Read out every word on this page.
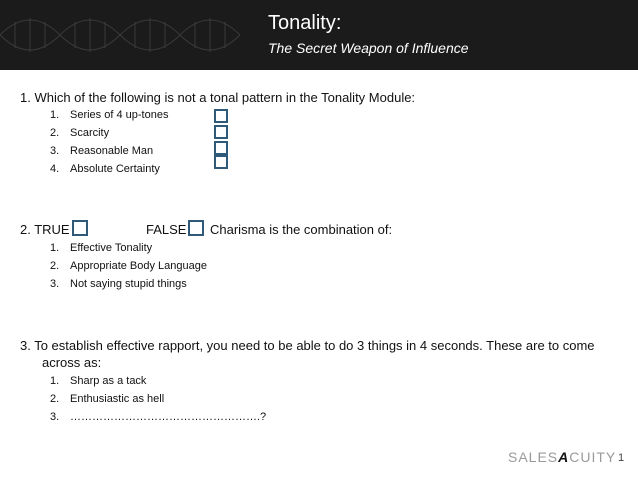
Tonality:
The Secret Weapon of Influence
1. Which of the following is not a tonal pattern in the Tonality Module:
1. Series of 4 up-tones
2. Scarcity
3. Reasonable Man
4. Absolute Certainty
2. TRUE	FALSE Charisma is the combination of:
1. Effective Tonality
2. Appropriate Body Language
3. Not saying stupid things
3. To establish effective rapport, you need to be able to do 3 things in 4 seconds. These are to come
across as:
1. Sharp as a tack
2. Enthusiastic as hell
3. …………………………………………….?
SALESACUITY 1
